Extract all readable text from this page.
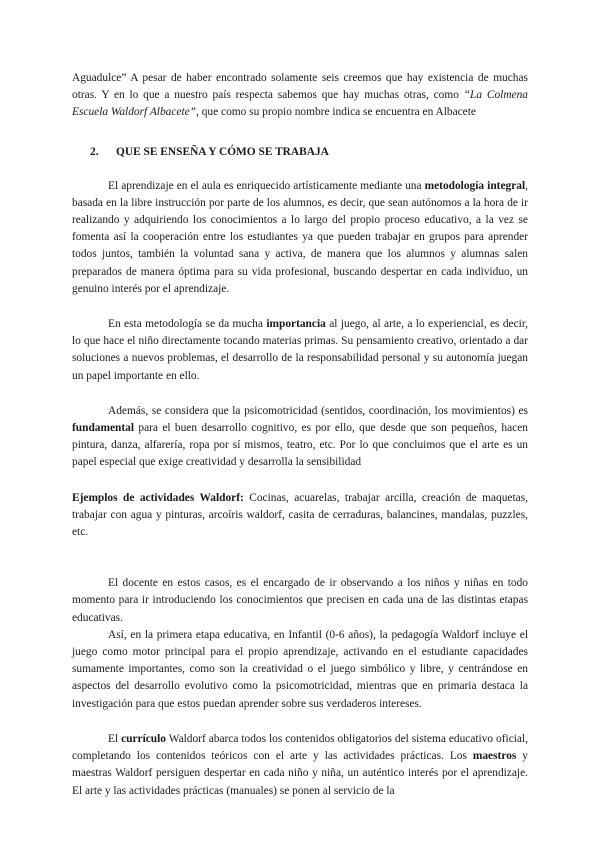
Aguadulce” A pesar de haber encontrado solamente seis creemos que hay existencia de muchas otras. Y en lo que a nuestro país respecta sabemos que hay muchas otras, como “La Colmena Escuela Waldorf Albacete”, que como su propio nombre indica se encuentra en Albacete

2. QUE SE ENSEÑA Y CÓMO SE TRABAJA

El aprendizaje en el aula es enriquecido artísticamente mediante una metodología integral, basada en la libre instrucción por parte de los alumnos, es decir, que sean autónomos a la hora de ir realizando y adquiriendo los conocimientos a lo largo del propio proceso educativo, a la vez se fomenta así la cooperación entre los estudiantes ya que pueden trabajar en grupos para aprender todos juntos, también la voluntad sana y activa, de manera que los alumnos y alumnas salen preparados de manera óptima para su vida profesional, buscando despertar en cada individuo, un genuino interés por el aprendizaje.

En esta metodología se da mucha importancia al juego, al arte, a lo experiencial, es decir, lo que hace el niño directamente tocando materias primas. Su pensamiento creativo, orientado a dar soluciones a nuevos problemas, el desarrollo de la responsabilidad personal y su autonomía juegan un papel importante en ello.

Además, se considera que la psicomotricidad (sentidos, coordinación, los movimientos) es fundamental para el buen desarrollo cognitivo, es por ello, que desde que son pequeños, hacen pintura, danza, alfarería, ropa por sí mismos, teatro, etc. Por lo que concluimos que el arte es un papel especial que exige creatividad y desarrolla la sensibilidad

Ejemplos de actividades Waldorf: Cocinas, acuarelas, trabajar arcilla, creación de maquetas, trabajar con agua y pinturas, arcoíris waldorf, casita de cerraduras, balancines, mandalas, puzzles, etc.

El docente en estos casos, es el encargado de ir observando a los niños y niñas en todo momento para ir introduciendo los conocimientos que precisen en cada una de las distintas etapas educativas.

Así, en la primera etapa educativa, en Infantil (0-6 años), la pedagogía Waldorf incluye el juego como motor principal para el propio aprendizaje, activando en el estudiante capacidades sumamente importantes, como son la creatividad o el juego simbólico y libre, y centrándose en aspectos del desarrollo evolutivo como la psicomotricidad, mientras que en primaria destaca la investigación para que estos puedan aprender sobre sus verdaderos intereses.

El currículo Waldorf abarca todos los contenidos obligatorios del sistema educativo oficial, completando los contenidos teóricos con el arte y las actividades prácticas. Los maestros y maestras Waldorf persiguen despertar en cada niño y niña, un auténtico interés por el aprendizaje. El arte y las actividades prácticas (manuales) se ponen al servicio de la
